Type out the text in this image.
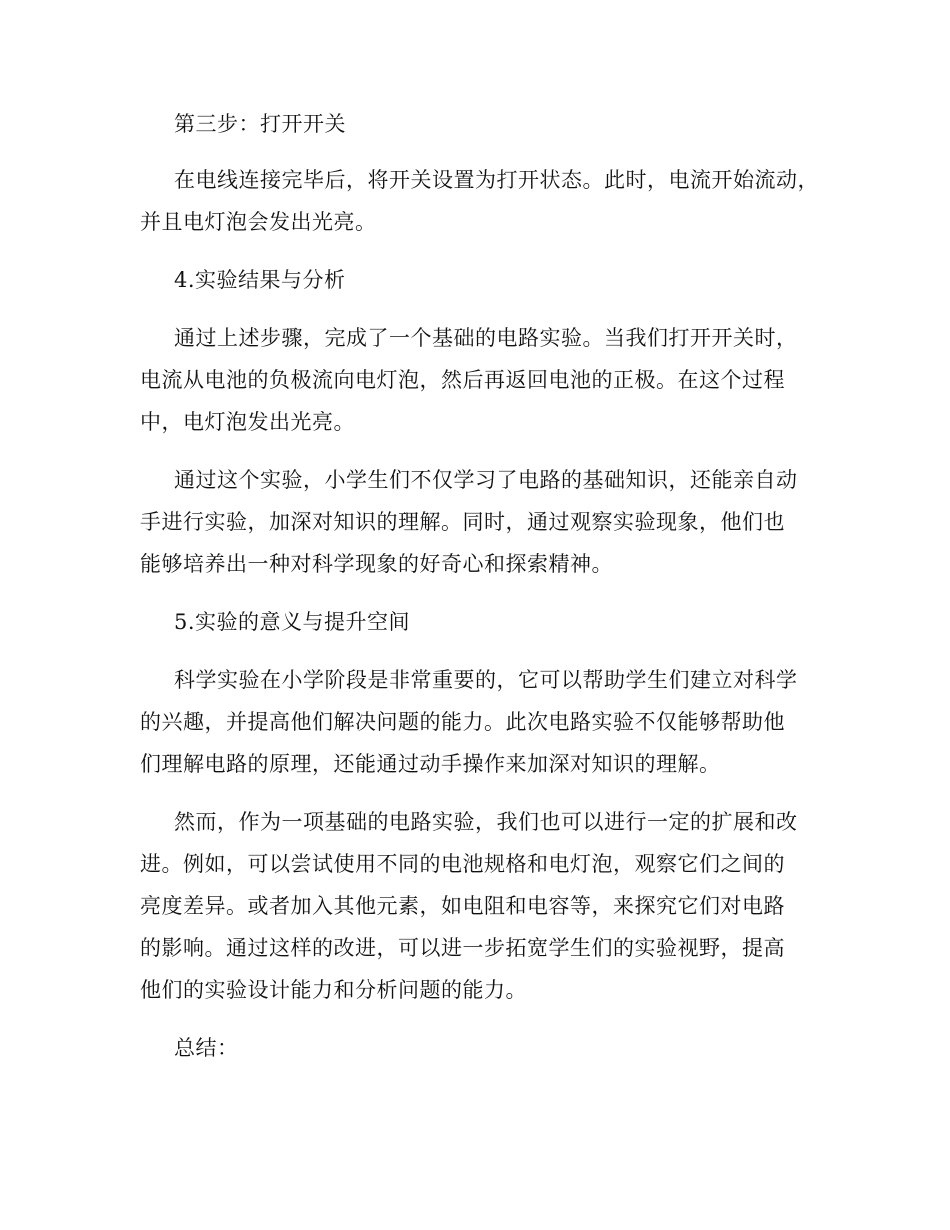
第三步：打开开关
在电线连接完毕后，将开关设置为打开状态。此时，电流开始流动，
并且电灯泡会发出光亮。
4.实验结果与分析
通过上述步骤，完成了一个基础的电路实验。当我们打开开关时，
电流从电池的负极流向电灯泡，然后再返回电池的正极。在这个过程
中，电灯泡发出光亮。
通过这个实验，小学生们不仅学习了电路的基础知识，还能亲自动
手进行实验，加深对知识的理解。同时，通过观察实验现象，他们也
能够培养出一种对科学现象的好奇心和探索精神。
5.实验的意义与提升空间
科学实验在小学阶段是非常重要的，它可以帮助学生们建立对科学
的兴趣，并提高他们解决问题的能力。此次电路实验不仅能够帮助他
们理解电路的原理，还能通过动手操作来加深对知识的理解。
然而，作为一项基础的电路实验，我们也可以进行一定的扩展和改
进。例如，可以尝试使用不同的电池规格和电灯泡，观察它们之间的
亮度差异。或者加入其他元素，如电阻和电容等，来探究它们对电路
的影响。通过这样的改进，可以进一步拓宽学生们的实验视野，提高
他们的实验设计能力和分析问题的能力。
总结：
